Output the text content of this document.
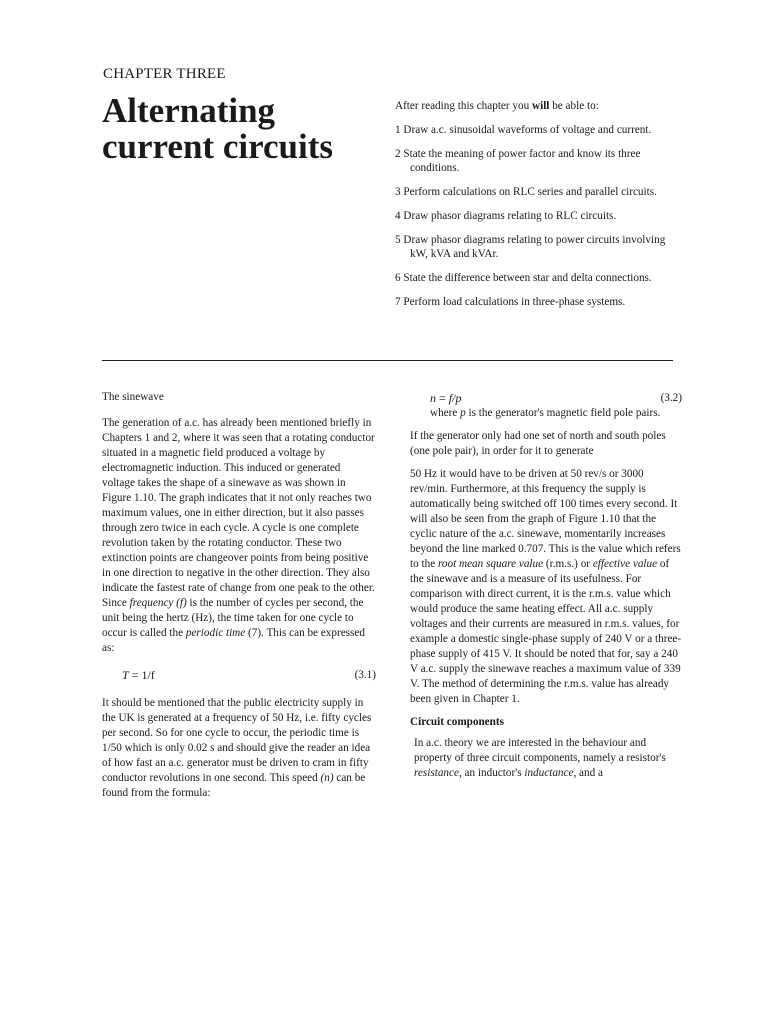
CHAPTER THREE
Alternating
current circuits
After reading this chapter you will be able to:
1 Draw a.c. sinusoidal waveforms of voltage and current.
2 State the meaning of power factor and know its three conditions.
3 Perform calculations on RLC series and parallel circuits.
4 Draw phasor diagrams relating to RLC circuits.
5 Draw phasor diagrams relating to power circuits involving kW, kVA and kVAr.
6 State the difference between star and delta connections.
7 Perform load calculations in three-phase systems.

The sinewave

The generation of a.c. has already been mentioned briefly in Chapters 1 and 2, where it was seen that a rotating conductor situated in a magnetic field produced a voltage by electromagnetic induction. This induced or generated voltage takes the shape of a sinewave as was shown in Figure 1.10. The graph indicates that it not only reaches two maximum values, one in either direction, but it also passes through zero twice in each cycle. A cycle is one complete revolution taken by the rotating conductor. These two extinction points are changeover points from being positive in one direction to negative in the other direction. They also indicate the fastest rate of change from one peak to the other. Since frequency (f) is the number of cycles per second, the unit being the hertz (Hz), the time taken for one cycle to occur is called the periodic time (7). This can be expressed as:

T = 1/f	(3.1)

It should be mentioned that the public electricity supply in the UK is generated at a frequency of 50 Hz, i.e. fifty cycles per second. So for one cycle to occur, the periodic time is 1/50 which is only 0.02 s and should give the reader an idea of how fast an a.c. generator must be driven to cram in fifty conductor revolutions in one second. This speed (n) can be found from the formula:

n = f/p	(3.2)

where p is the generator's magnetic field pole pairs.

If the generator only had one set of north and south poles (one pole pair), in order for it to generate

50 Hz it would have to be driven at 50 rev/s or 3000 rev/min. Furthermore, at this frequency the supply is automatically being switched off 100 times every second. It will also be seen from the graph of Figure 1.10 that the cyclic nature of the a.c. sinewave, momentarily increases beyond the line marked 0.707. This is the value which refers to the root mean square value (r.m.s.) or effective value of the sinewave and is a measure of its usefulness. For comparison with direct current, it is the r.m.s. value which would produce the same heating effect. All a.c. supply voltages and their currents are measured in r.m.s. values, for example a domestic single-phase supply of 240 V or a three-phase supply of 415 V. It should be noted that for, say a 240 V a.c. supply the sinewave reaches a maximum value of 339 V. The method of determining the r.m.s. value has already been given in Chapter 1.

Circuit components

In a.c. theory we are interested in the behaviour and property of three circuit components, namely a resistor's resistance, an inductor's inductance, and a
